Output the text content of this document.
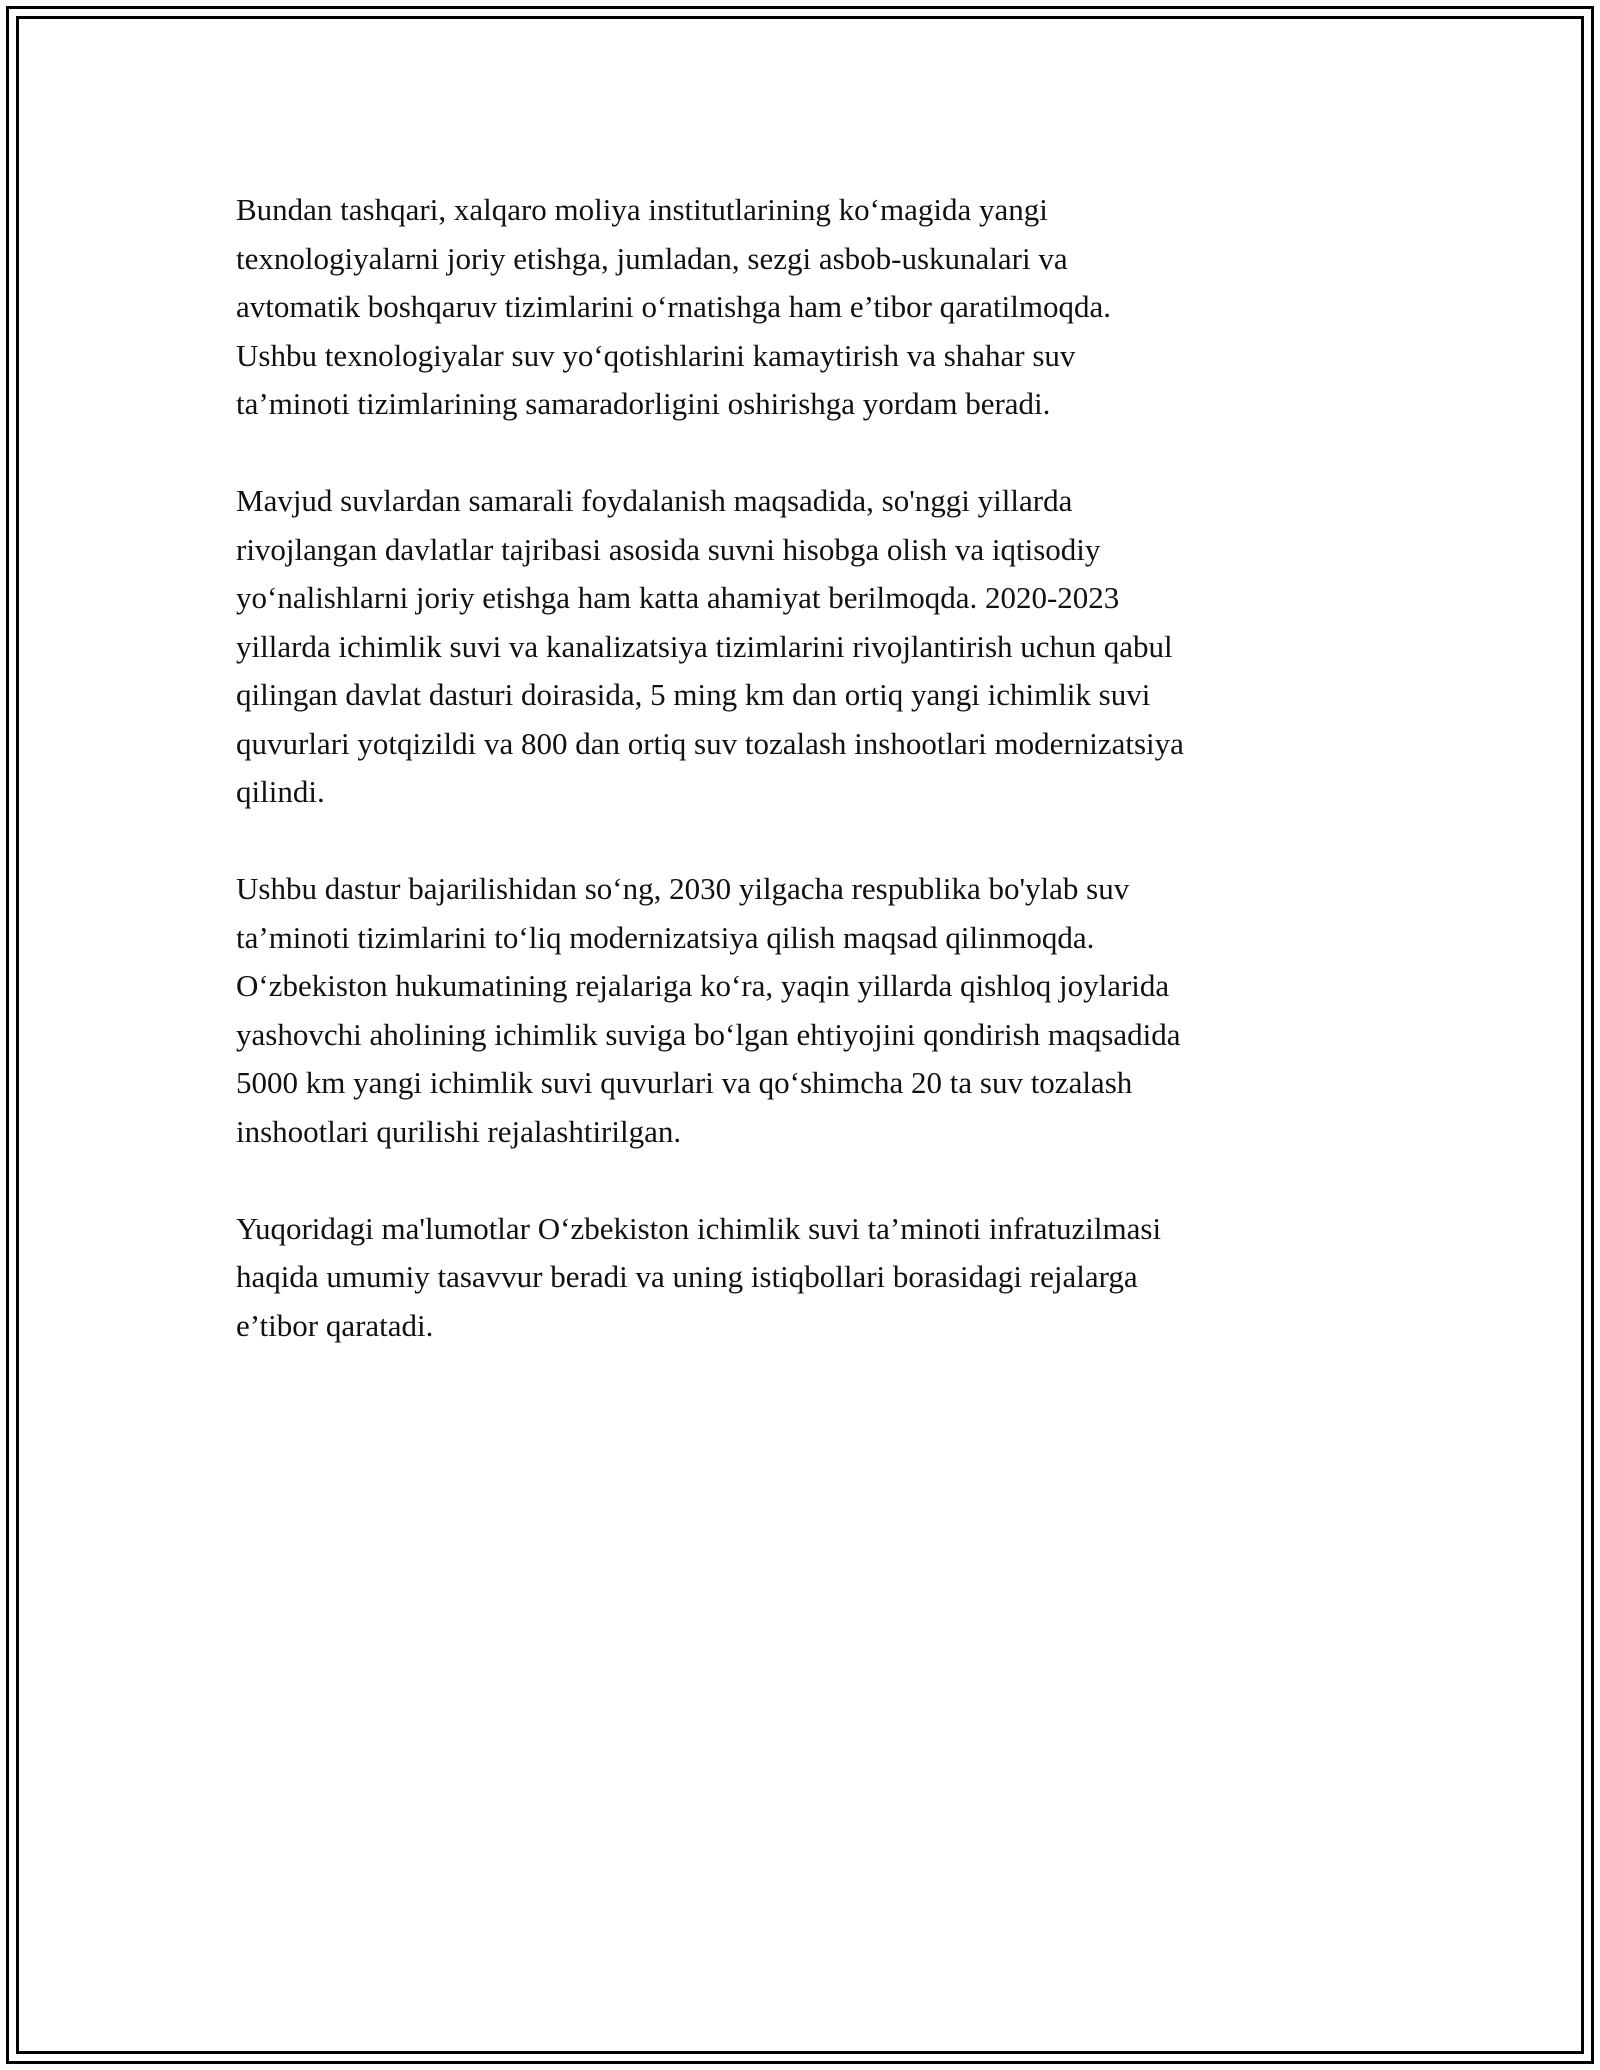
Bundan tashqari, xalqaro moliya institutlarining koʻmagida yangi
texnologiyalarni joriy etishga, jumladan, sezgi asbob-uskunalari va
avtomatik boshqaruv tizimlarini oʻrnatishga ham e’tibor qaratilmoqda.
Ushbu texnologiyalar suv yoʻqotishlarini kamaytirish va shahar suv
ta’minoti tizimlarining samaradorligini oshirishga yordam beradi.
Mavjud suvlardan samarali foydalanish maqsadida, so'nggi yillarda
rivojlangan davlatlar tajribasi asosida suvni hisobga olish va iqtisodiy
yoʻnalishlarni joriy etishga ham katta ahamiyat berilmoqda. 2020-2023
yillarda ichimlik suvi va kanalizatsiya tizimlarini rivojlantirish uchun qabul
qilingan davlat dasturi doirasida, 5 ming km dan ortiq yangi ichimlik suvi
quvurlari yotqizildi va 800 dan ortiq suv tozalash inshootlari modernizatsiya
qilindi.
Ushbu dastur bajarilishidan soʻng, 2030 yilgacha respublika bo'ylab suv
ta’minoti tizimlarini toʻliq modernizatsiya qilish maqsad qilinmoqda.
Oʻzbekiston hukumatining rejalariga koʻra, yaqin yillarda qishloq joylarida
yashovchi aholining ichimlik suviga boʻlgan ehtiyojini qondirish maqsadida
5000 km yangi ichimlik suvi quvurlari va qoʻshimcha 20 ta suv tozalash
inshootlari qurilishi rejalashtirilgan.
Yuqoridagi ma'lumotlar Oʻzbekiston ichimlik suvi ta’minoti infratuzilmasi
haqida umumiy tasavvur beradi va uning istiqbollari borasidagi rejalarga
e’tibor qaratadi.
